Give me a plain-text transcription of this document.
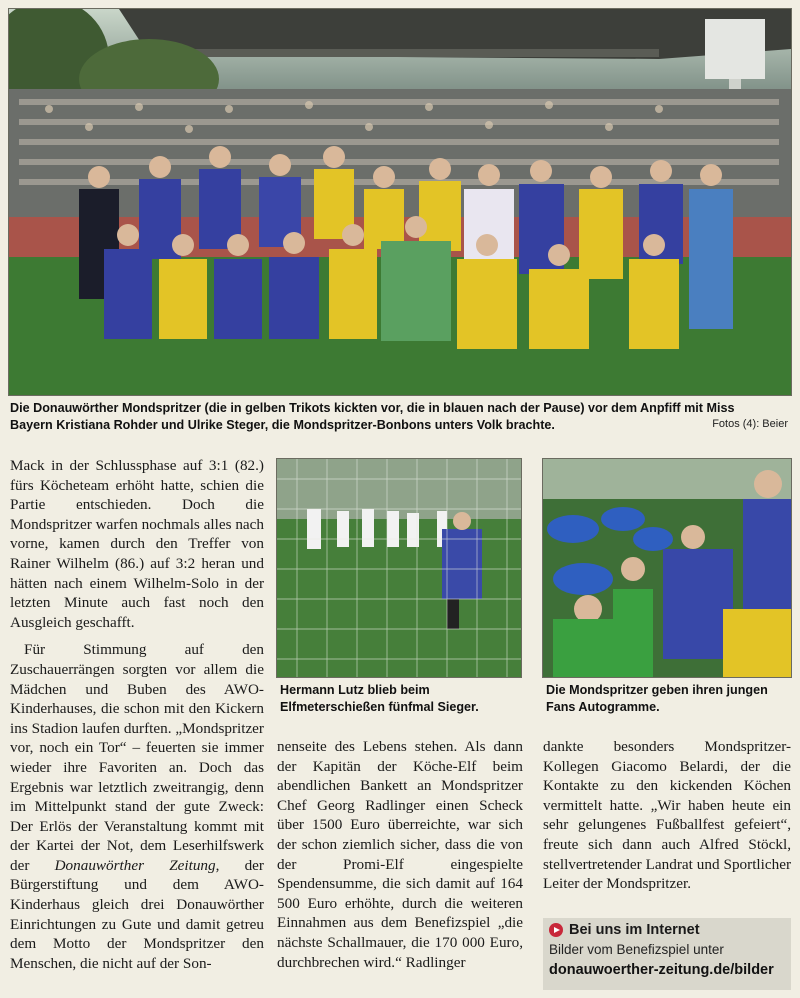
Die Donauwörther Mondspritzer (die in gelben Trikots kickten vor, die in blauen nach der Pause) vor dem Anpfiff mit Miss Bayern Kristiana Rohder und Ulrike Steger, die Mondspritzer-Bonbons unters Volk brachte.	Fotos (4): Beier

Mack in der Schlussphase auf 3:1 (82.) fürs Köcheteam erhöht hatte, schien die Partie entschieden. Doch die Mondspritzer warfen nochmals alles nach vorne, kamen durch den Treffer von Rainer Wilhelm (86.) auf 3:2 heran und hätten nach einem Wilhelm-Solo in der letzten Minute auch fast noch den Ausgleich geschafft.

Für Stimmung auf den Zuschauerrängen sorgten vor allem die Mädchen und Buben des AWO-Kinderhauses, die schon mit den Kickern ins Stadion laufen durften. „Mondspritzer vor, noch ein Tor“ – feuerten sie immer wieder ihre Favoriten an. Doch das Ergebnis war letztlich zweitrangig, denn im Mittelpunkt stand der gute Zweck: Der Erlös der Veranstaltung kommt mit der Kartei der Not, dem Leserhilfswerk der Donauwörther Zeitung, der Bürgerstiftung und dem AWO-Kinderhaus gleich drei Donauwörther Einrichtungen zu Gute und damit getreu dem Motto der Mondspritzer den Menschen, die nicht auf der Son-

Hermann Lutz blieb beim Elfmeterschießen fünfmal Sieger.
Die Mondspritzer geben ihren jungen Fans Autogramme.

nenseite des Lebens stehen. Als dann der Kapitän der Köche-Elf beim abendlichen Bankett an Mondspritzer Chef Georg Radlinger einen Scheck über 1500 Euro überreichte, war sich der schon ziemlich sicher, dass die von der Promi-Elf eingespielte Spendensumme, die sich damit auf 164 500 Euro erhöhte, durch die weiteren Einnahmen aus dem Benefizspiel „die nächste Schallmauer, die 170 000 Euro, durchbrechen wird.“ Radlinger

dankte besonders Mondspritzer-Kollegen Giacomo Belardi, der die Kontakte zu den kickenden Köchen vermittelt hatte. „Wir haben heute ein sehr gelungenes Fußballfest gefeiert“, freute sich dann auch Alfred Stöckl, stellvertretender Landrat und Sportlicher Leiter der Mondspritzer.

Bei uns im Internet
Bilder vom Benefizspiel unter
donauwoerther-zeitung.de/bilder
